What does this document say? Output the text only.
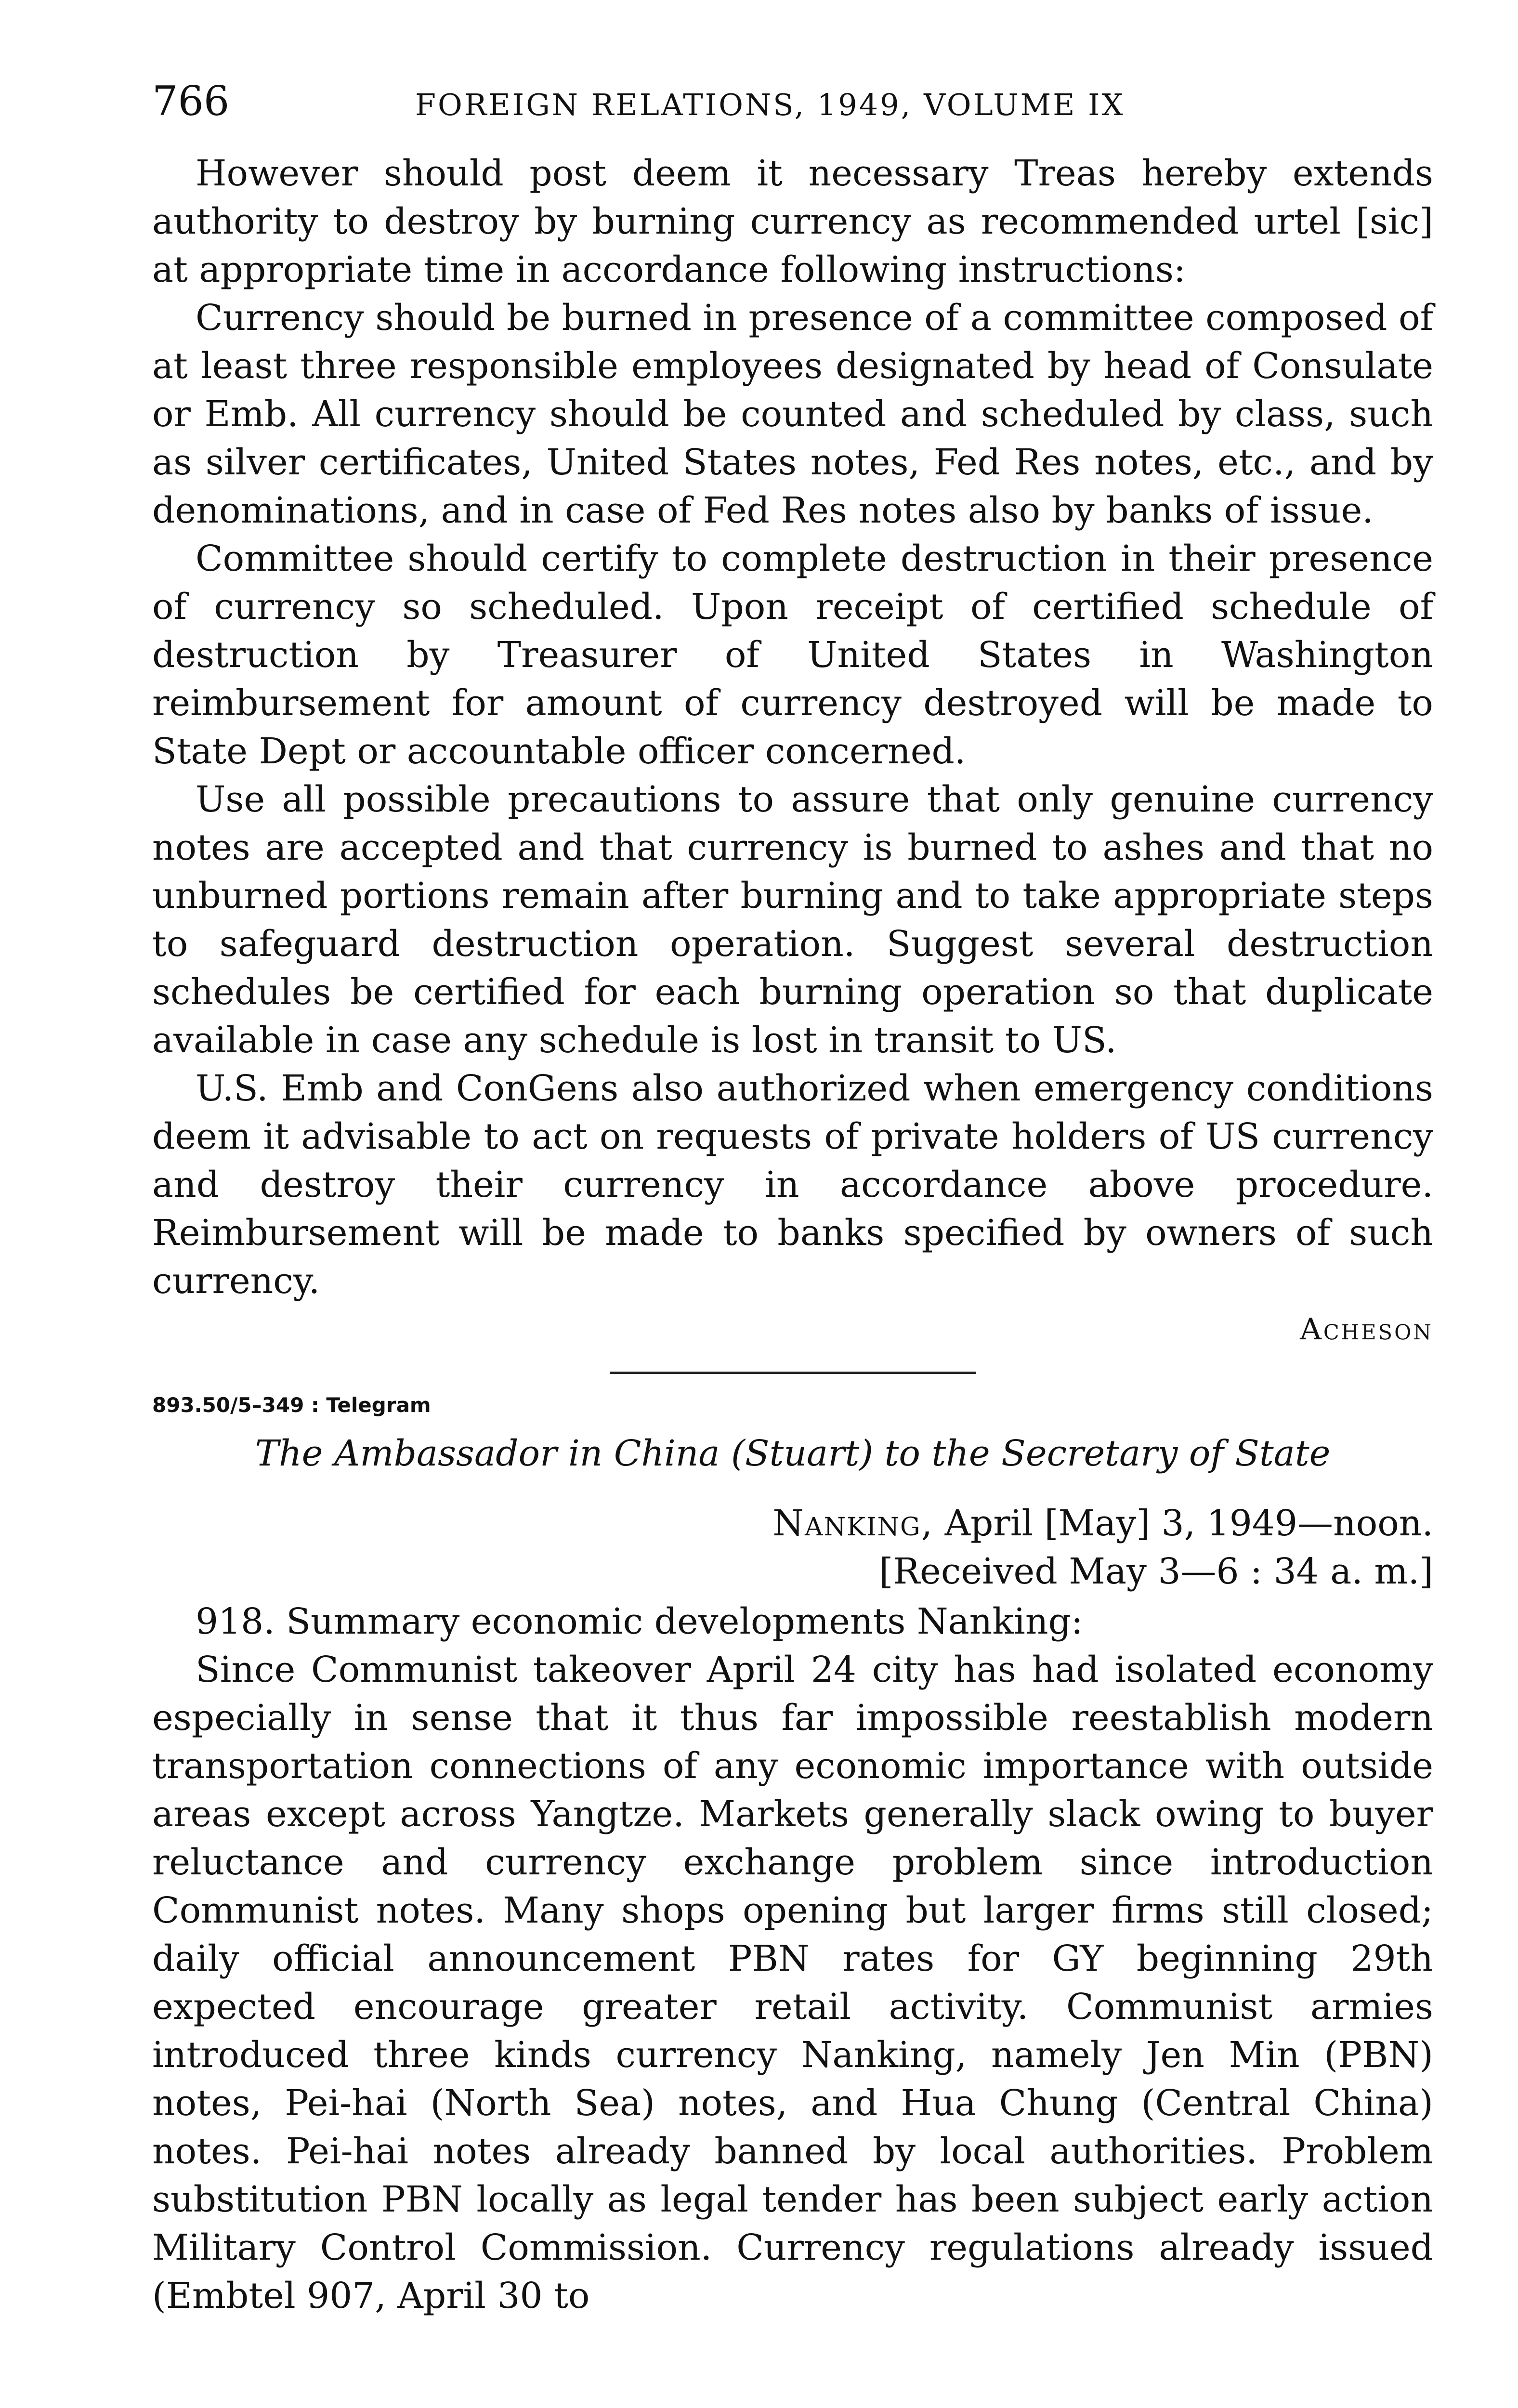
766	FOREIGN RELATIONS, 1949, VOLUME IX

However should post deem it necessary Treas hereby extends authority to destroy by burning currency as recommended urtel [sic] at appropriate time in accordance following instructions:

Currency should be burned in presence of a committee composed of at least three responsible employees designated by head of Consulate or Emb. All currency should be counted and scheduled by class, such as silver certificates, United States notes, Fed Res notes, etc., and by denominations, and in case of Fed Res notes also by banks of issue.

Committee should certify to complete destruction in their presence of currency so scheduled. Upon receipt of certified schedule of destruction by Treasurer of United States in Washington reimbursement for amount of currency destroyed will be made to State Dept or accountable officer concerned.

Use all possible precautions to assure that only genuine currency notes are accepted and that currency is burned to ashes and that no unburned portions remain after burning and to take appropriate steps to safeguard destruction operation. Suggest several destruction schedules be certified for each burning operation so that duplicate available in case any schedule is lost in transit to US.

U.S. Emb and ConGens also authorized when emergency conditions deem it advisable to act on requests of private holders of US currency and destroy their currency in accordance above procedure. Reimbursement will be made to banks specified by owners of such currency.

Acheson

893.50/5–349 : Telegram

The Ambassador in China (Stuart) to the Secretary of State

Nanking, April [May] 3, 1949—noon.

[Received May 3—6 : 34 a. m.]

918. Summary economic developments Nanking:

Since Communist takeover April 24 city has had isolated economy especially in sense that it thus far impossible reestablish modern transportation connections of any economic importance with outside areas except across Yangtze. Markets generally slack owing to buyer reluctance and currency exchange problem since introduction Communist notes. Many shops opening but larger firms still closed; daily official announcement PBN rates for GY beginning 29th expected encourage greater retail activity. Communist armies introduced three kinds currency Nanking, namely Jen Min (PBN) notes, Pei-hai (North Sea) notes, and Hua Chung (Central China) notes. Pei-hai notes already banned by local authorities. Problem substitution PBN locally as legal tender has been subject early action Military Control Commission. Currency regulations already issued (Embtel 907, April 30 to
